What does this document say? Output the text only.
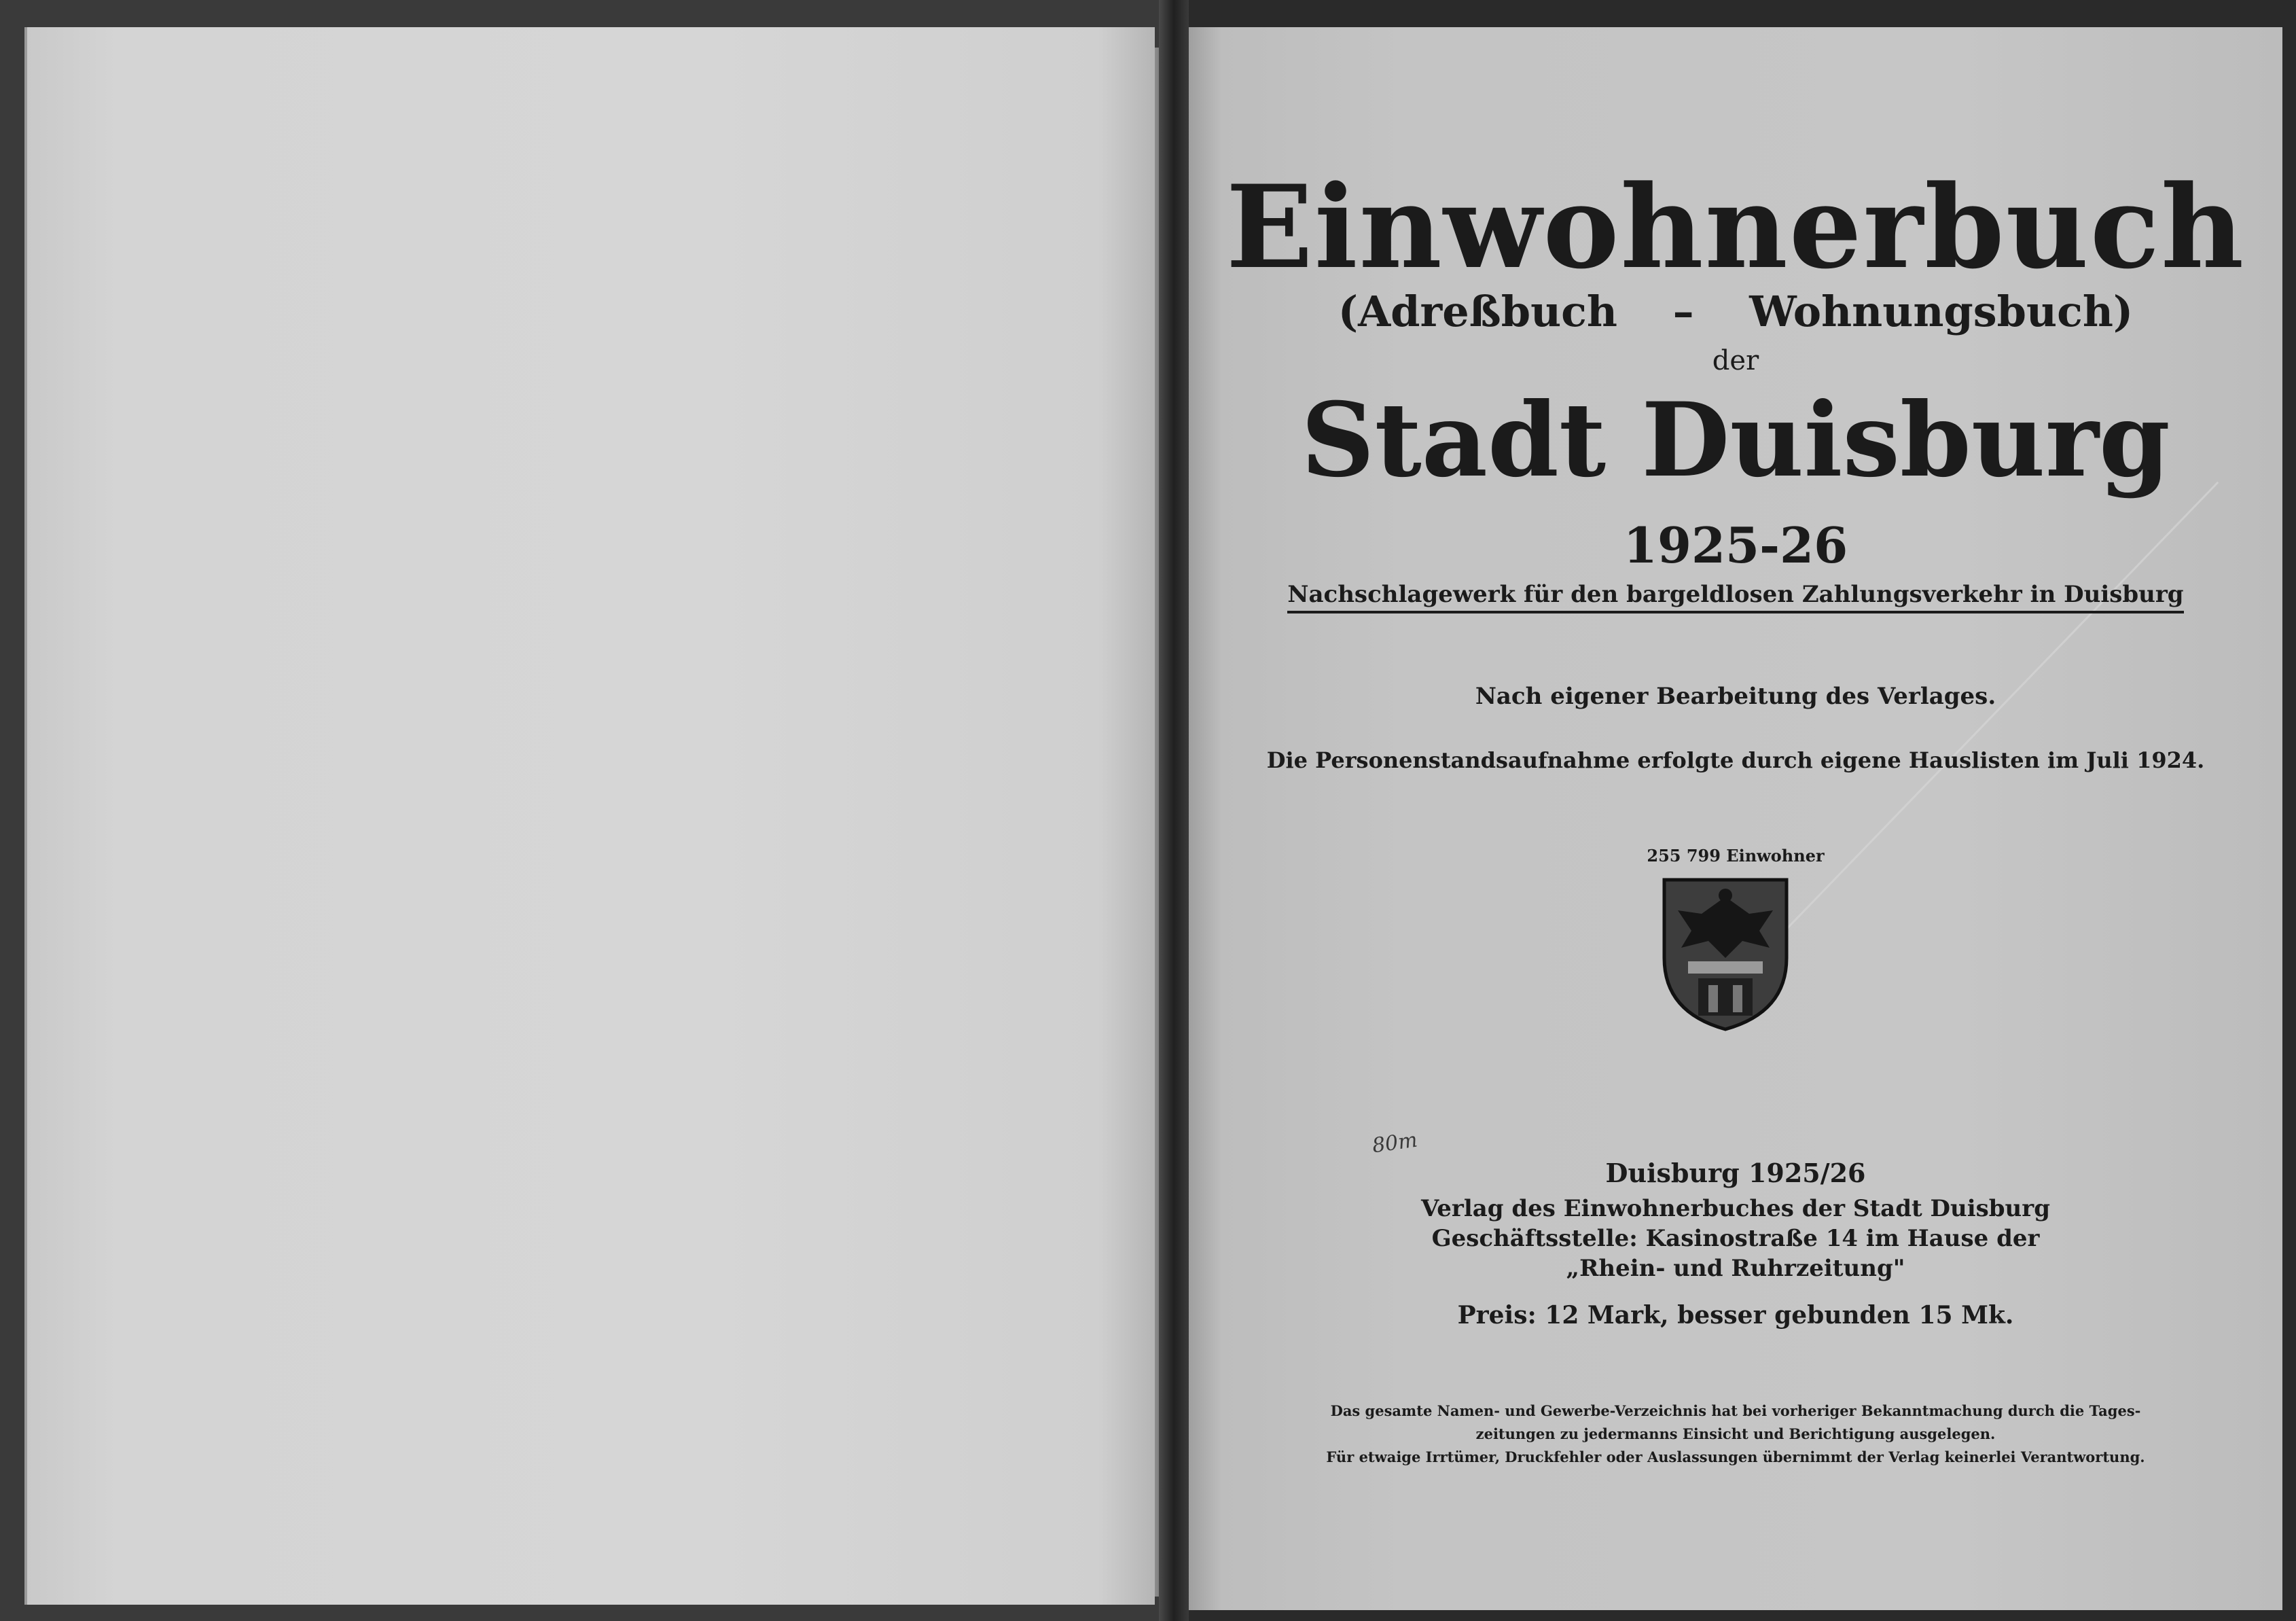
Einwohnerbuch
(Adreßbuch – Wohnungsbuch)
der
Stadt Duisburg
1925-26
Nachschlagewerk für den bargeldlosen Zahlungsverkehr in Duisburg
Nach eigener Bearbeitung des Verlages.
Die Personenstandsaufnahme erfolgte durch eigene Hauslisten im Juli 1924.
255 799 Einwohner
80m
Duisburg 1925/26
Verlag des Einwohnerbuches der Stadt Duisburg
Geschäftsstelle: Kasinostraße 14 im Hause der
„Rhein- und Ruhrzeitung"
Preis: 12 Mark, besser gebunden 15 Mk.
Das gesamte Namen- und Gewerbe-Verzeichnis hat bei vorheriger Bekanntmachung durch die Tages-
zeitungen zu jedermanns Einsicht und Berichtigung ausgelegen.
Für etwaige Irrtümer, Druckfehler oder Auslassungen übernimmt der Verlag keinerlei Verantwortung.
